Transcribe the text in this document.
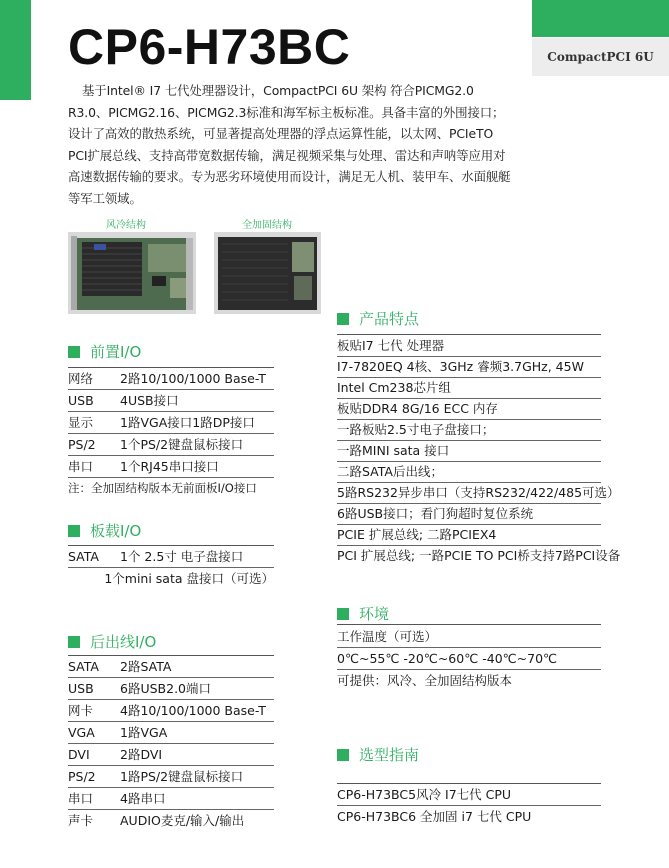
CompactPCI 6U
CP6-H73BC
基于Intel® I7 七代处理器设计，CompactPCI 6U 架构 符合PICMG2.0 R3.0、PICMG2.16、PICMG2.3标准和海军标主板标准。具备丰富的外围接口；设计了高效的散热系统，可显著提高处理器的浮点运算性能，以太网、PCIeTO PCI扩展总线、支持高带宽数据传输，满足视频采集与处理、雷达和声呐等应用对高速数据传输的要求。专为恶劣环境使用而设计，满足无人机、装甲车、水面舰艇等军工领域。
风冷结构	全加固结构
前置I/O
网络	2路10/100/1000 Base-T
USB	4USB接口
显示	1路VGA接口1路DP接口
PS/2	1个PS/2键盘鼠标接口
串口	1个RJ45串口接口
注：全加固结构版本无前面板I/O接口
板载I/O
SATA	1个 2.5寸 电子盘接口
1个mini sata 盘接口（可选）
后出线I/O
SATA	2路SATA
USB	6路USB2.0端口
网卡	4路10/100/1000 Base-T
VGA	1路VGA
DVI	2路DVI
PS/2	1路PS/2键盘鼠标接口
串口	4路串口
声卡	AUDIO麦克/输入/输出
产品特点
板贴I7 七代 处理器
I7-7820EQ 4核、3GHz 睿频3.7GHz, 45W
Intel Cm238芯片组
板贴DDR4 8G/16 ECC 内存
一路板贴2.5寸电子盘接口；
一路MINI sata 接口
二路SATA后出线；
5路RS232异步串口（支持RS232/422/485可选）
6路USB接口；看门狗超时复位系统
PCIE 扩展总线; 二路PCIEX4
PCI 扩展总线; 一路PCIE TO PCI桥支持7路PCI设备
环境
工作温度（可选）
0℃~55℃ -20℃~60℃ -40℃~70℃
可提供：风冷、全加固结构版本
选型指南
CP6-H73BC5风冷 I7七代 CPU
CP6-H73BC6 全加固 i7 七代 CPU
